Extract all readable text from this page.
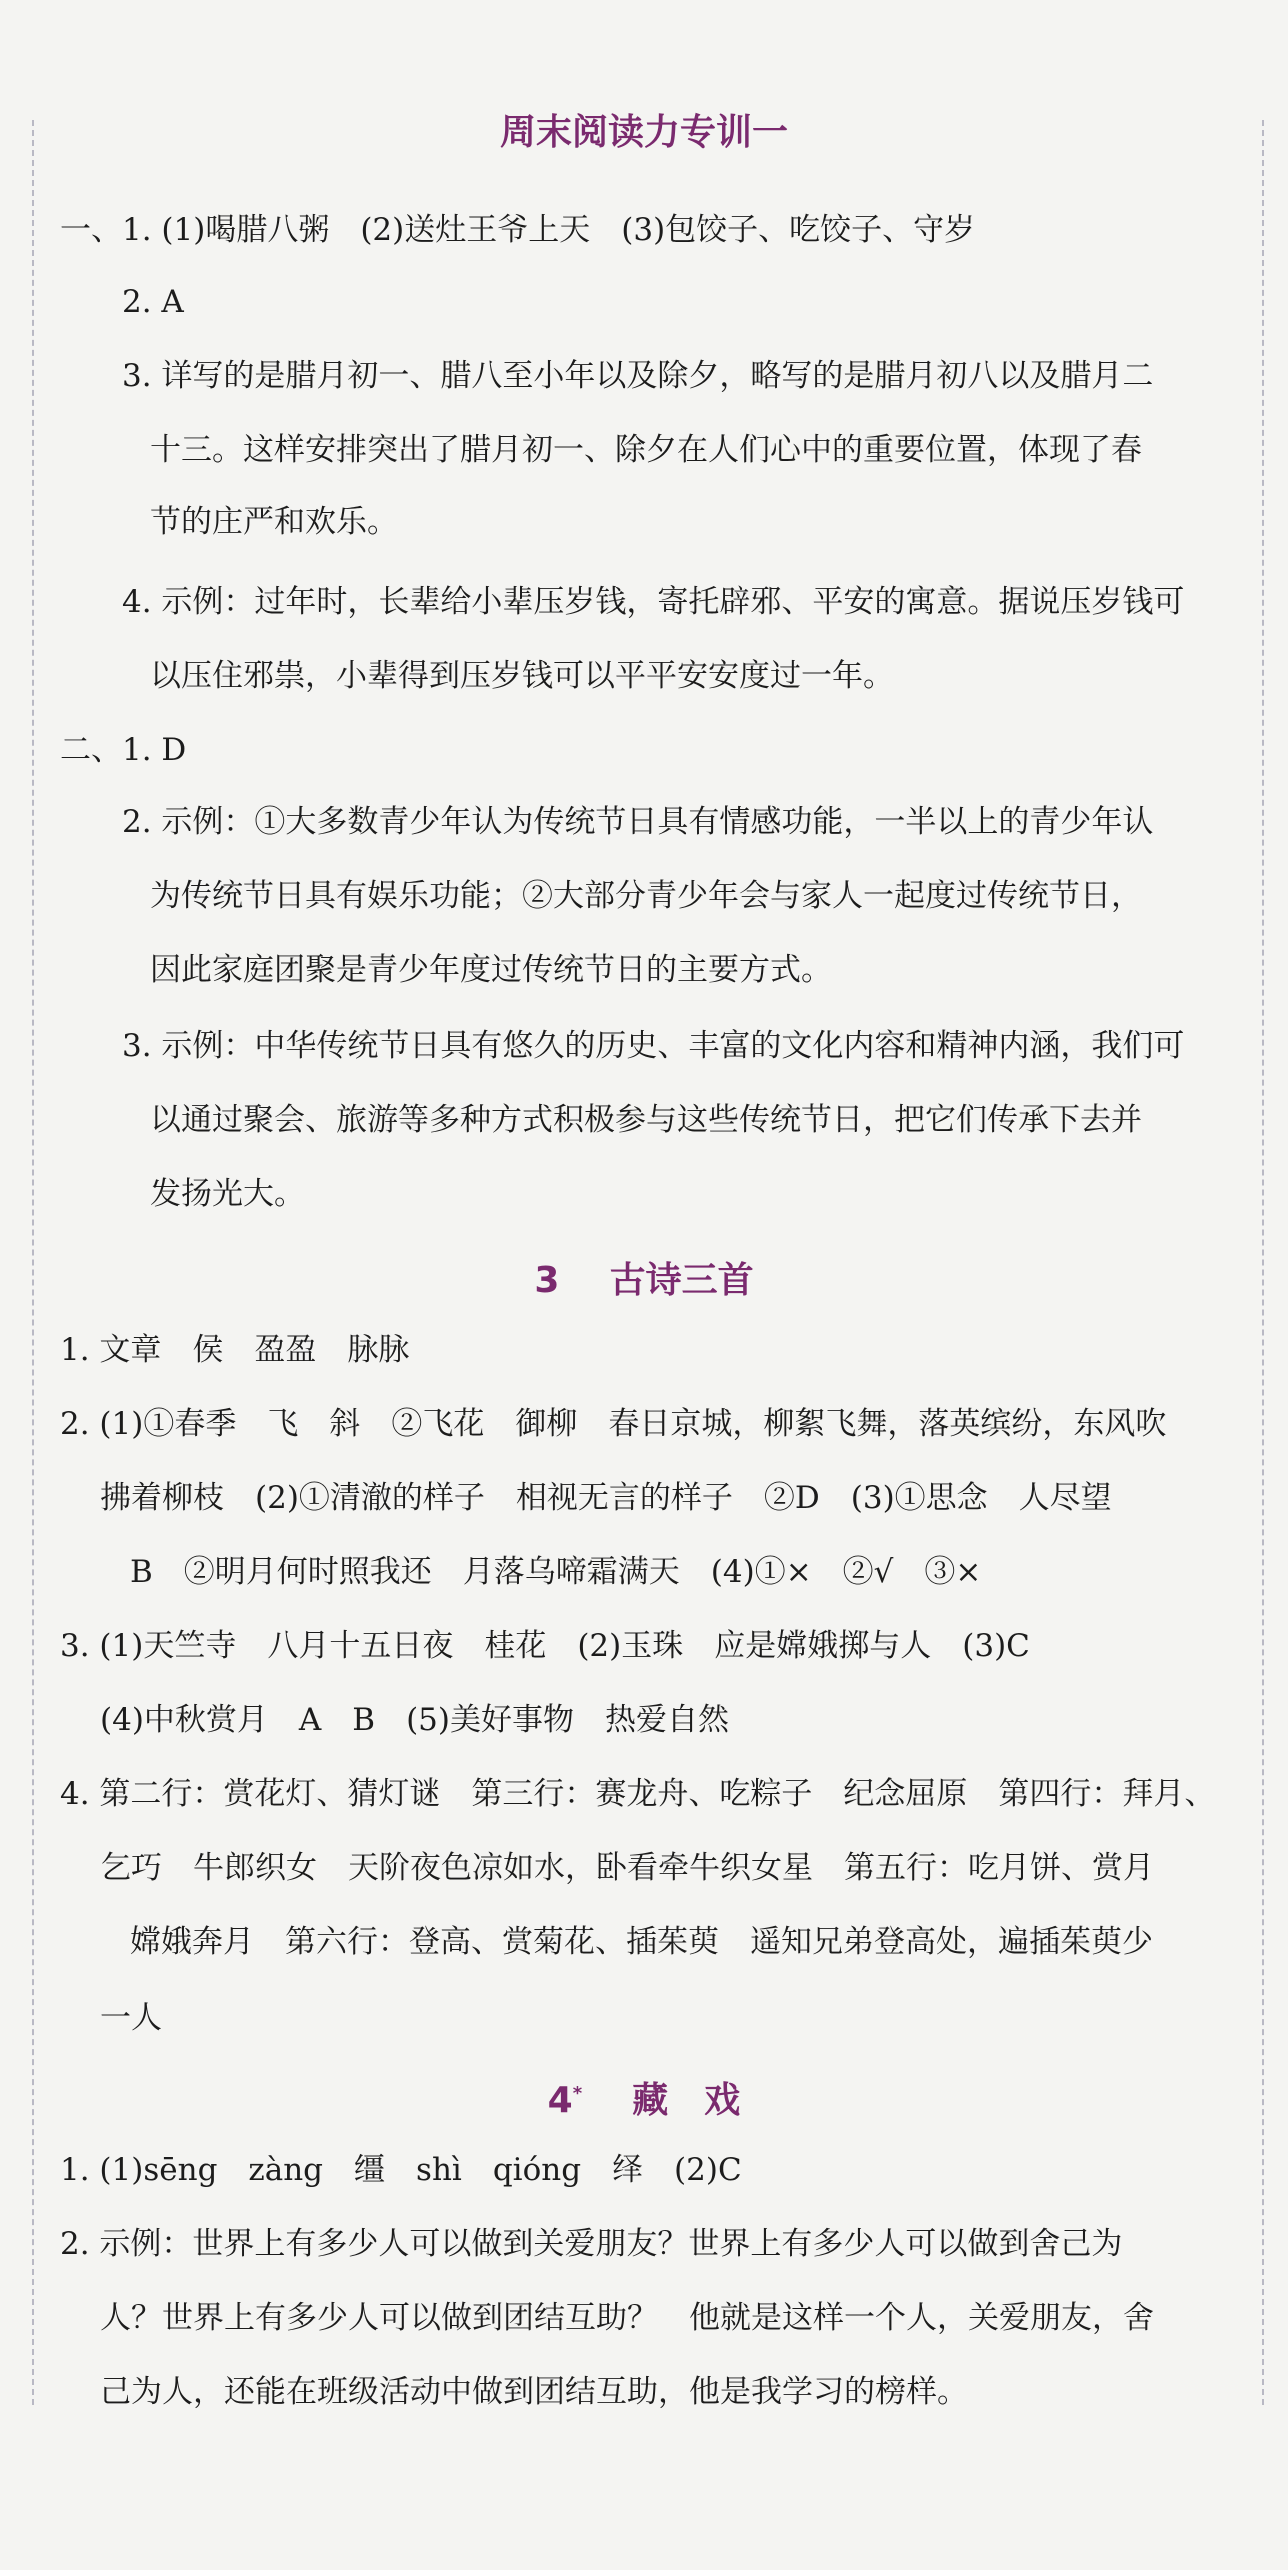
周末阅读力专训一
一、1. (1)喝腊八粥　(2)送灶王爷上天　(3)包饺子、吃饺子、守岁
2. A
3. 详写的是腊月初一、腊八至小年以及除夕，略写的是腊月初八以及腊月二
十三。这样安排突出了腊月初一、除夕在人们心中的重要位置，体现了春
节的庄严和欢乐。
4. 示例：过年时，长辈给小辈压岁钱，寄托辟邪、平安的寓意。据说压岁钱可
以压住邪祟，小辈得到压岁钱可以平平安安度过一年。
二、1. D
2. 示例：①大多数青少年认为传统节日具有情感功能，一半以上的青少年认
为传统节日具有娱乐功能；②大部分青少年会与家人一起度过传统节日，
因此家庭团聚是青少年度过传统节日的主要方式。
3. 示例：中华传统节日具有悠久的历史、丰富的文化内容和精神内涵，我们可
以通过聚会、旅游等多种方式积极参与这些传统节日，把它们传承下去并
发扬光大。
3 古诗三首
1. 文章　侯　盈盈　脉脉
2. (1)①春季　飞　斜　②飞花　御柳　春日京城，柳絮飞舞，落英缤纷，东风吹
拂着柳枝　(2)①清澈的样子　相视无言的样子　②D　(3)①思念　人尽望
B　②明月何时照我还　月落乌啼霜满天　(4)①×　②√　③×
3. (1)天竺寺　八月十五日夜　桂花　(2)玉珠　应是嫦娥掷与人　(3)C
(4)中秋赏月　A　B　(5)美好事物　热爱自然
4. 第二行：赏花灯、猜灯谜　第三行：赛龙舟、吃粽子　纪念屈原　第四行：拜月、
乞巧　牛郎织女　天阶夜色凉如水，卧看牵牛织女星　第五行：吃月饼、赏月
嫦娥奔月　第六行：登高、赏菊花、插茱萸　遥知兄弟登高处，遍插茱萸少
一人
4* 藏　戏
1. (1)sēng　zàng　缰　shì　qióng　绎　(2)C
2. 示例：世界上有多少人可以做到关爱朋友？世界上有多少人可以做到舍己为
人？世界上有多少人可以做到团结互助？　他就是这样一个人，关爱朋友，舍
己为人，还能在班级活动中做到团结互助，他是我学习的榜样。
